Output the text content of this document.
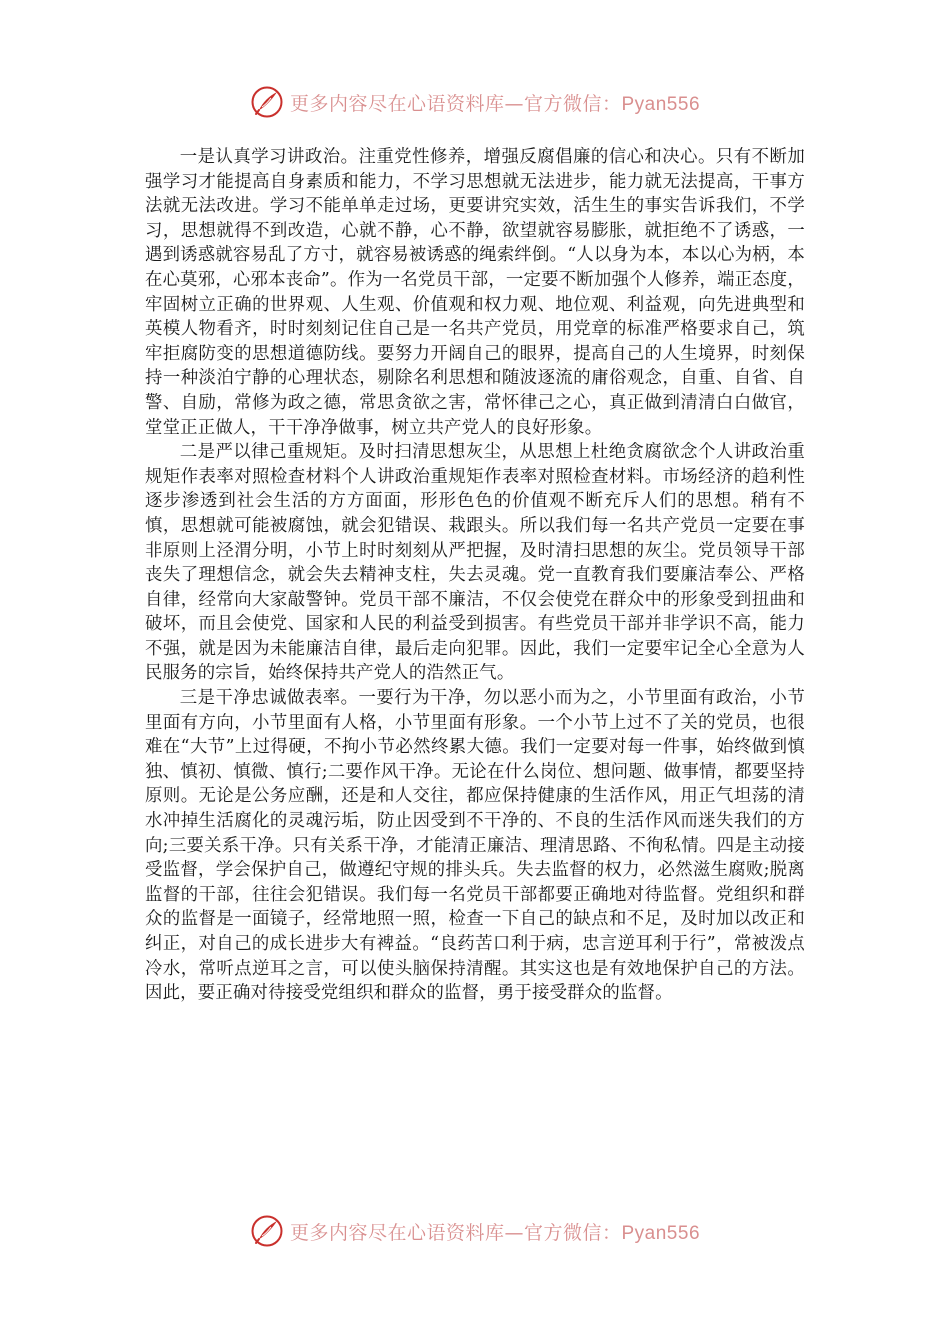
更多内容尽在心语资料库—官方微信：Pyan556

一是认真学习讲政治。注重党性修养，增强反腐倡廉的信心和决心。只有不断加强学习才能提高自身素质和能力，不学习思想就无法进步，能力就无法提高，干事方法就无法改进。学习不能单单走过场，更要讲究实效，活生生的事实告诉我们，不学习，思想就得不到改造，心就不静，心不静，欲望就容易膨胀，就拒绝不了诱惑，一遇到诱惑就容易乱了方寸，就容易被诱惑的绳索绊倒。“人以身为本，本以心为柄，本在心莫邪，心邪本丧命”。作为一名党员干部，一定要不断加强个人修养，端正态度，牢固树立正确的世界观、人生观、价值观和权力观、地位观、利益观，向先进典型和英模人物看齐，时时刻刻记住自己是一名共产党员，用党章的标准严格要求自己，筑牢拒腐防变的思想道德防线。要努力开阔自己的眼界，提高自己的人生境界，时刻保持一种淡泊宁静的心理状态，剔除名利思想和随波逐流的庸俗观念，自重、自省、自警、自励，常修为政之德，常思贪欲之害，常怀律己之心，真正做到清清白白做官，堂堂正正做人，干干净净做事，树立共产党人的良好形象。

二是严以律己重规矩。及时扫清思想灰尘，从思想上杜绝贪腐欲念个人讲政治重规矩作表率对照检查材料个人讲政治重规矩作表率对照检查材料。市场经济的趋利性逐步渗透到社会生活的方方面面，形形色色的价值观不断充斥人们的思想。稍有不慎，思想就可能被腐蚀，就会犯错误、栽跟头。所以我们每一名共产党员一定要在事非原则上泾渭分明，小节上时时刻刻从严把握，及时清扫思想的灰尘。党员领导干部丧失了理想信念，就会失去精神支柱，失去灵魂。党一直教育我们要廉洁奉公、严格自律，经常向大家敲警钟。党员干部不廉洁，不仅会使党在群众中的形象受到扭曲和破坏，而且会使党、国家和人民的利益受到损害。有些党员干部并非学识不高，能力不强，就是因为未能廉洁自律，最后走向犯罪。因此，我们一定要牢记全心全意为人民服务的宗旨，始终保持共产党人的浩然正气。

三是干净忠诚做表率。一要行为干净，勿以恶小而为之，小节里面有政治，小节里面有方向，小节里面有人格，小节里面有形象。一个小节上过不了关的党员，也很难在“大节”上过得硬，不拘小节必然终累大德。我们一定要对每一件事，始终做到慎独、慎初、慎微、慎行;二要作风干净。无论在什么岗位、想问题、做事情，都要坚持原则。无论是公务应酬，还是和人交往，都应保持健康的生活作风，用正气坦荡的清水冲掉生活腐化的灵魂污垢，防止因受到不干净的、不良的生活作风而迷失我们的方向;三要关系干净。只有关系干净，才能清正廉洁、理清思路、不徇私情。四是主动接受监督，学会保护自己，做遵纪守规的排头兵。失去监督的权力，必然滋生腐败;脱离监督的干部，往往会犯错误。我们每一名党员干部都要正确地对待监督。党组织和群众的监督是一面镜子，经常地照一照，检查一下自己的缺点和不足，及时加以改正和纠正，对自己的成长进步大有裨益。“良药苦口利于病，忠言逆耳利于行”，常被泼点冷水，常听点逆耳之言，可以使头脑保持清醒。其实这也是有效地保护自己的方法。因此，要正确对待接受党组织和群众的监督，勇于接受群众的监督。

更多内容尽在心语资料库—官方微信：Pyan556
